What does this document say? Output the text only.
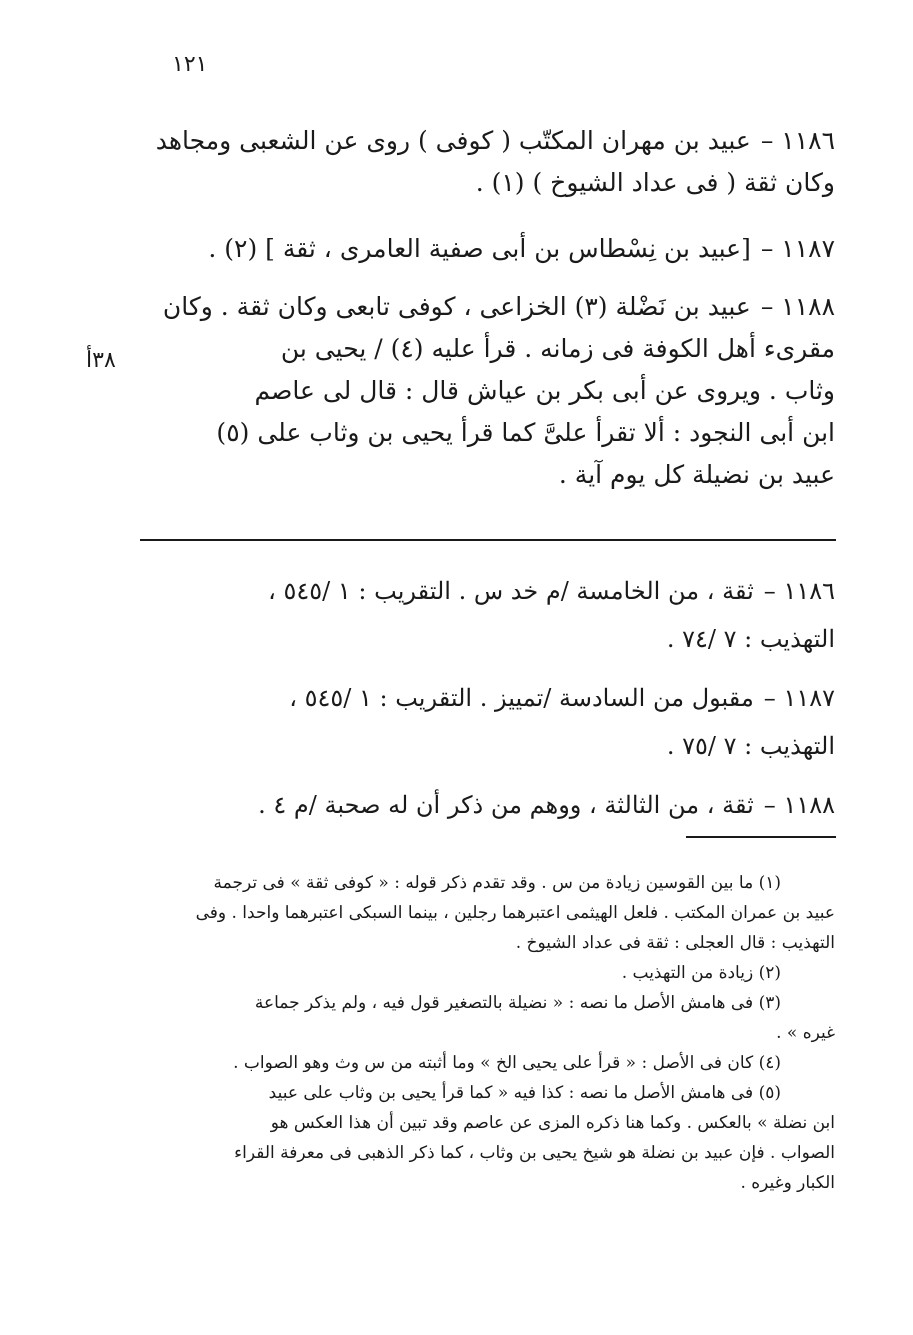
١٢١
١١٨٦ –عبيد بن مهران المكتّب ( كوفى ) روى عن الشعبى ومجاهد
وكان ثقة ( فى عداد الشيوخ ) (١) .
١١٨٧ –[عبيد بن نِسْطاس بن أبى صفية العامرى ، ثقة ] (٢) .
١١٨٨ –عبيد بن نَضْلة (٣) الخزاعى ، كوفى تابعى وكان ثقة . وكان
مقرىء أهل الكوفة فى زمانه . قرأ عليه (٤) / يحيى بن
وثاب . ويروى عن أبى بكر بن عياش قال : قال لى عاصم
ابن أبى النجود : ألا تقرأ علىَّ كما قرأ يحيى بن وثاب على (٥)
عبيد بن نضيلة كل يوم آية .
٣٨أ
١١٨٦ –ثقة ، من الخامسة /م خد س . التقريب : ١ /٥٤٥ ،
التهذيب : ٧ /٧٤ .
١١٨٧ –مقبول من السادسة /تمييز . التقريب : ١ /٥٤٥ ،
التهذيب : ٧ /٧٥ .
١١٨٨ –ثقة ، من الثالثة ، ووهم من ذكر أن له صحبة /م ٤ .
(١) ما بين القوسين زيادة من س . وقد تقدم ذكر قوله : « كوفى ثقة » فى ترجمة
عبيد بن عمران المكتب . فلعل الهيثمى اعتبرهما رجلين ، بينما السبكى اعتبرهما واحدا . وفى
التهذيب : قال العجلى : ثقة فى عداد الشيوخ .
(٢) زيادة من التهذيب .
(٣) فى هامش الأصل ما نصه : « نضيلة بالتصغير قول فيه ، ولم يذكر جماعة
غيره » .
(٤) كان فى الأصل : « قرأ على يحيى الخ » وما أثبته من س وث وهو الصواب .
(٥) فى هامش الأصل ما نصه : كذا فيه « كما قرأ يحيى بن وثاب على عبيد
ابن نضلة » بالعكس . وكما هنا ذكره المزى عن عاصم وقد تبين أن هذا العكس هو
الصواب . فإن عبيد بن نضلة هو شيخ يحيى بن وثاب ، كما ذكر الذهبى فى معرفة القراء
الكبار وغيره .
